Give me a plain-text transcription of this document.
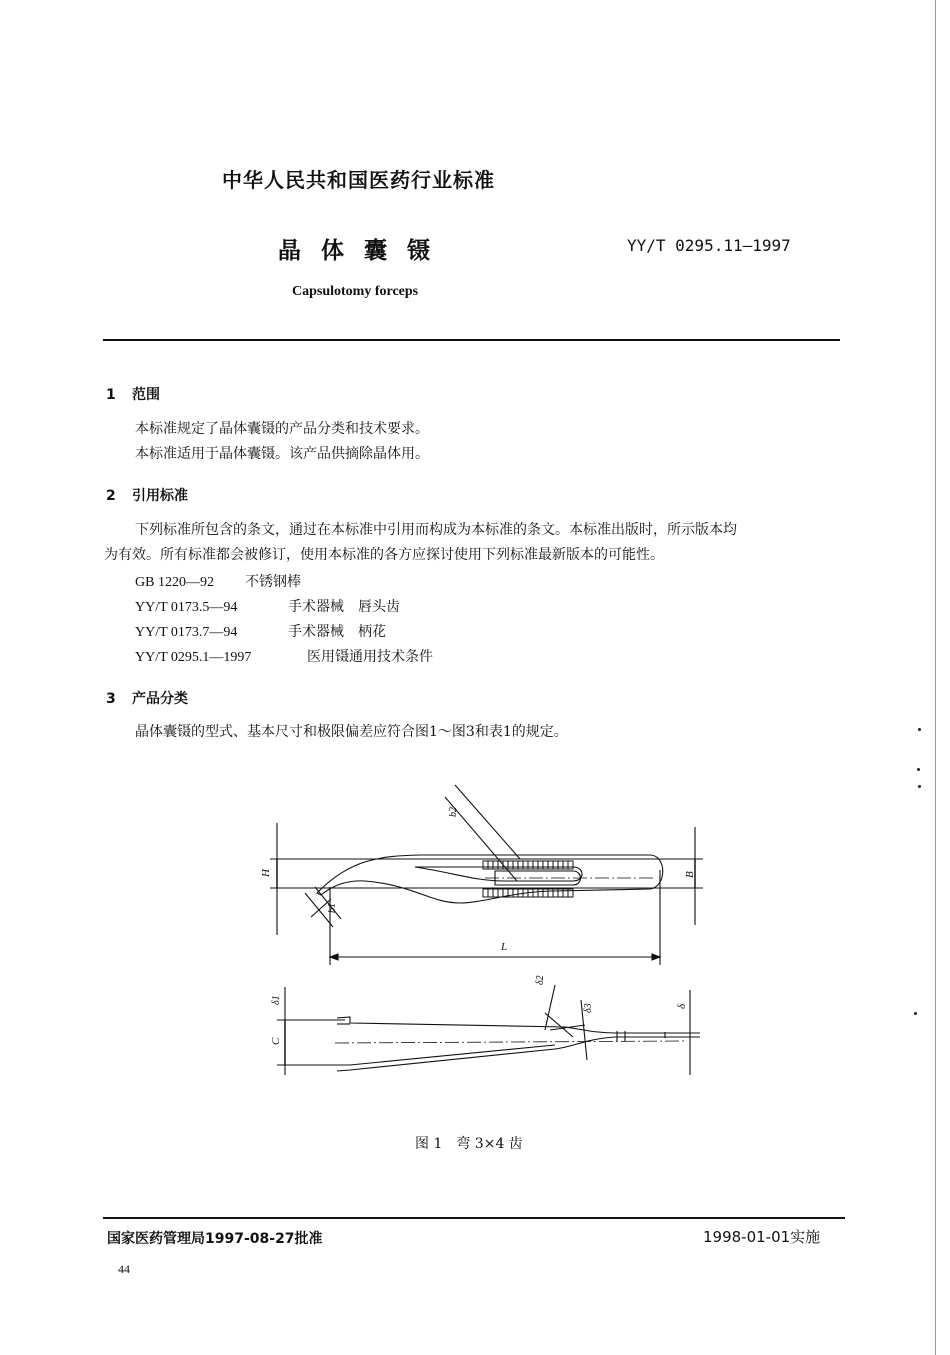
中华人民共和国医药行业标准
晶体囊镊	YY/T 0295.11—1997
Capsulotomy forceps
1 范围
本标准规定了晶体囊镊的产品分类和技术要求。
本标准适用于晶体囊镊。该产品供摘除晶体用。
2 引用标准
下列标准所包含的条文，通过在本标准中引用而构成为本标准的条文。本标准出版时，所示版本均
为有效。所有标准都会被修订，使用本标准的各方应探讨使用下列标准最新版本的可能性。
GB 1220—92 不锈钢棒
YY/T 0173.5—94	手术器械　唇头齿
YY/T 0173.7—94	手术器械　柄花
YY/T 0295.1—1997	医用镊通用技术条件
3 产品分类
晶体囊镊的型式、基本尺寸和极限偏差应符合图1～图3和表1的规定。
H	B
L
b2
b1
δ1
C
δ2
δ3	δ
图 1　弯 3×4 齿
国家医药管理局1997-08-27批准	1998-01-01实施
44
